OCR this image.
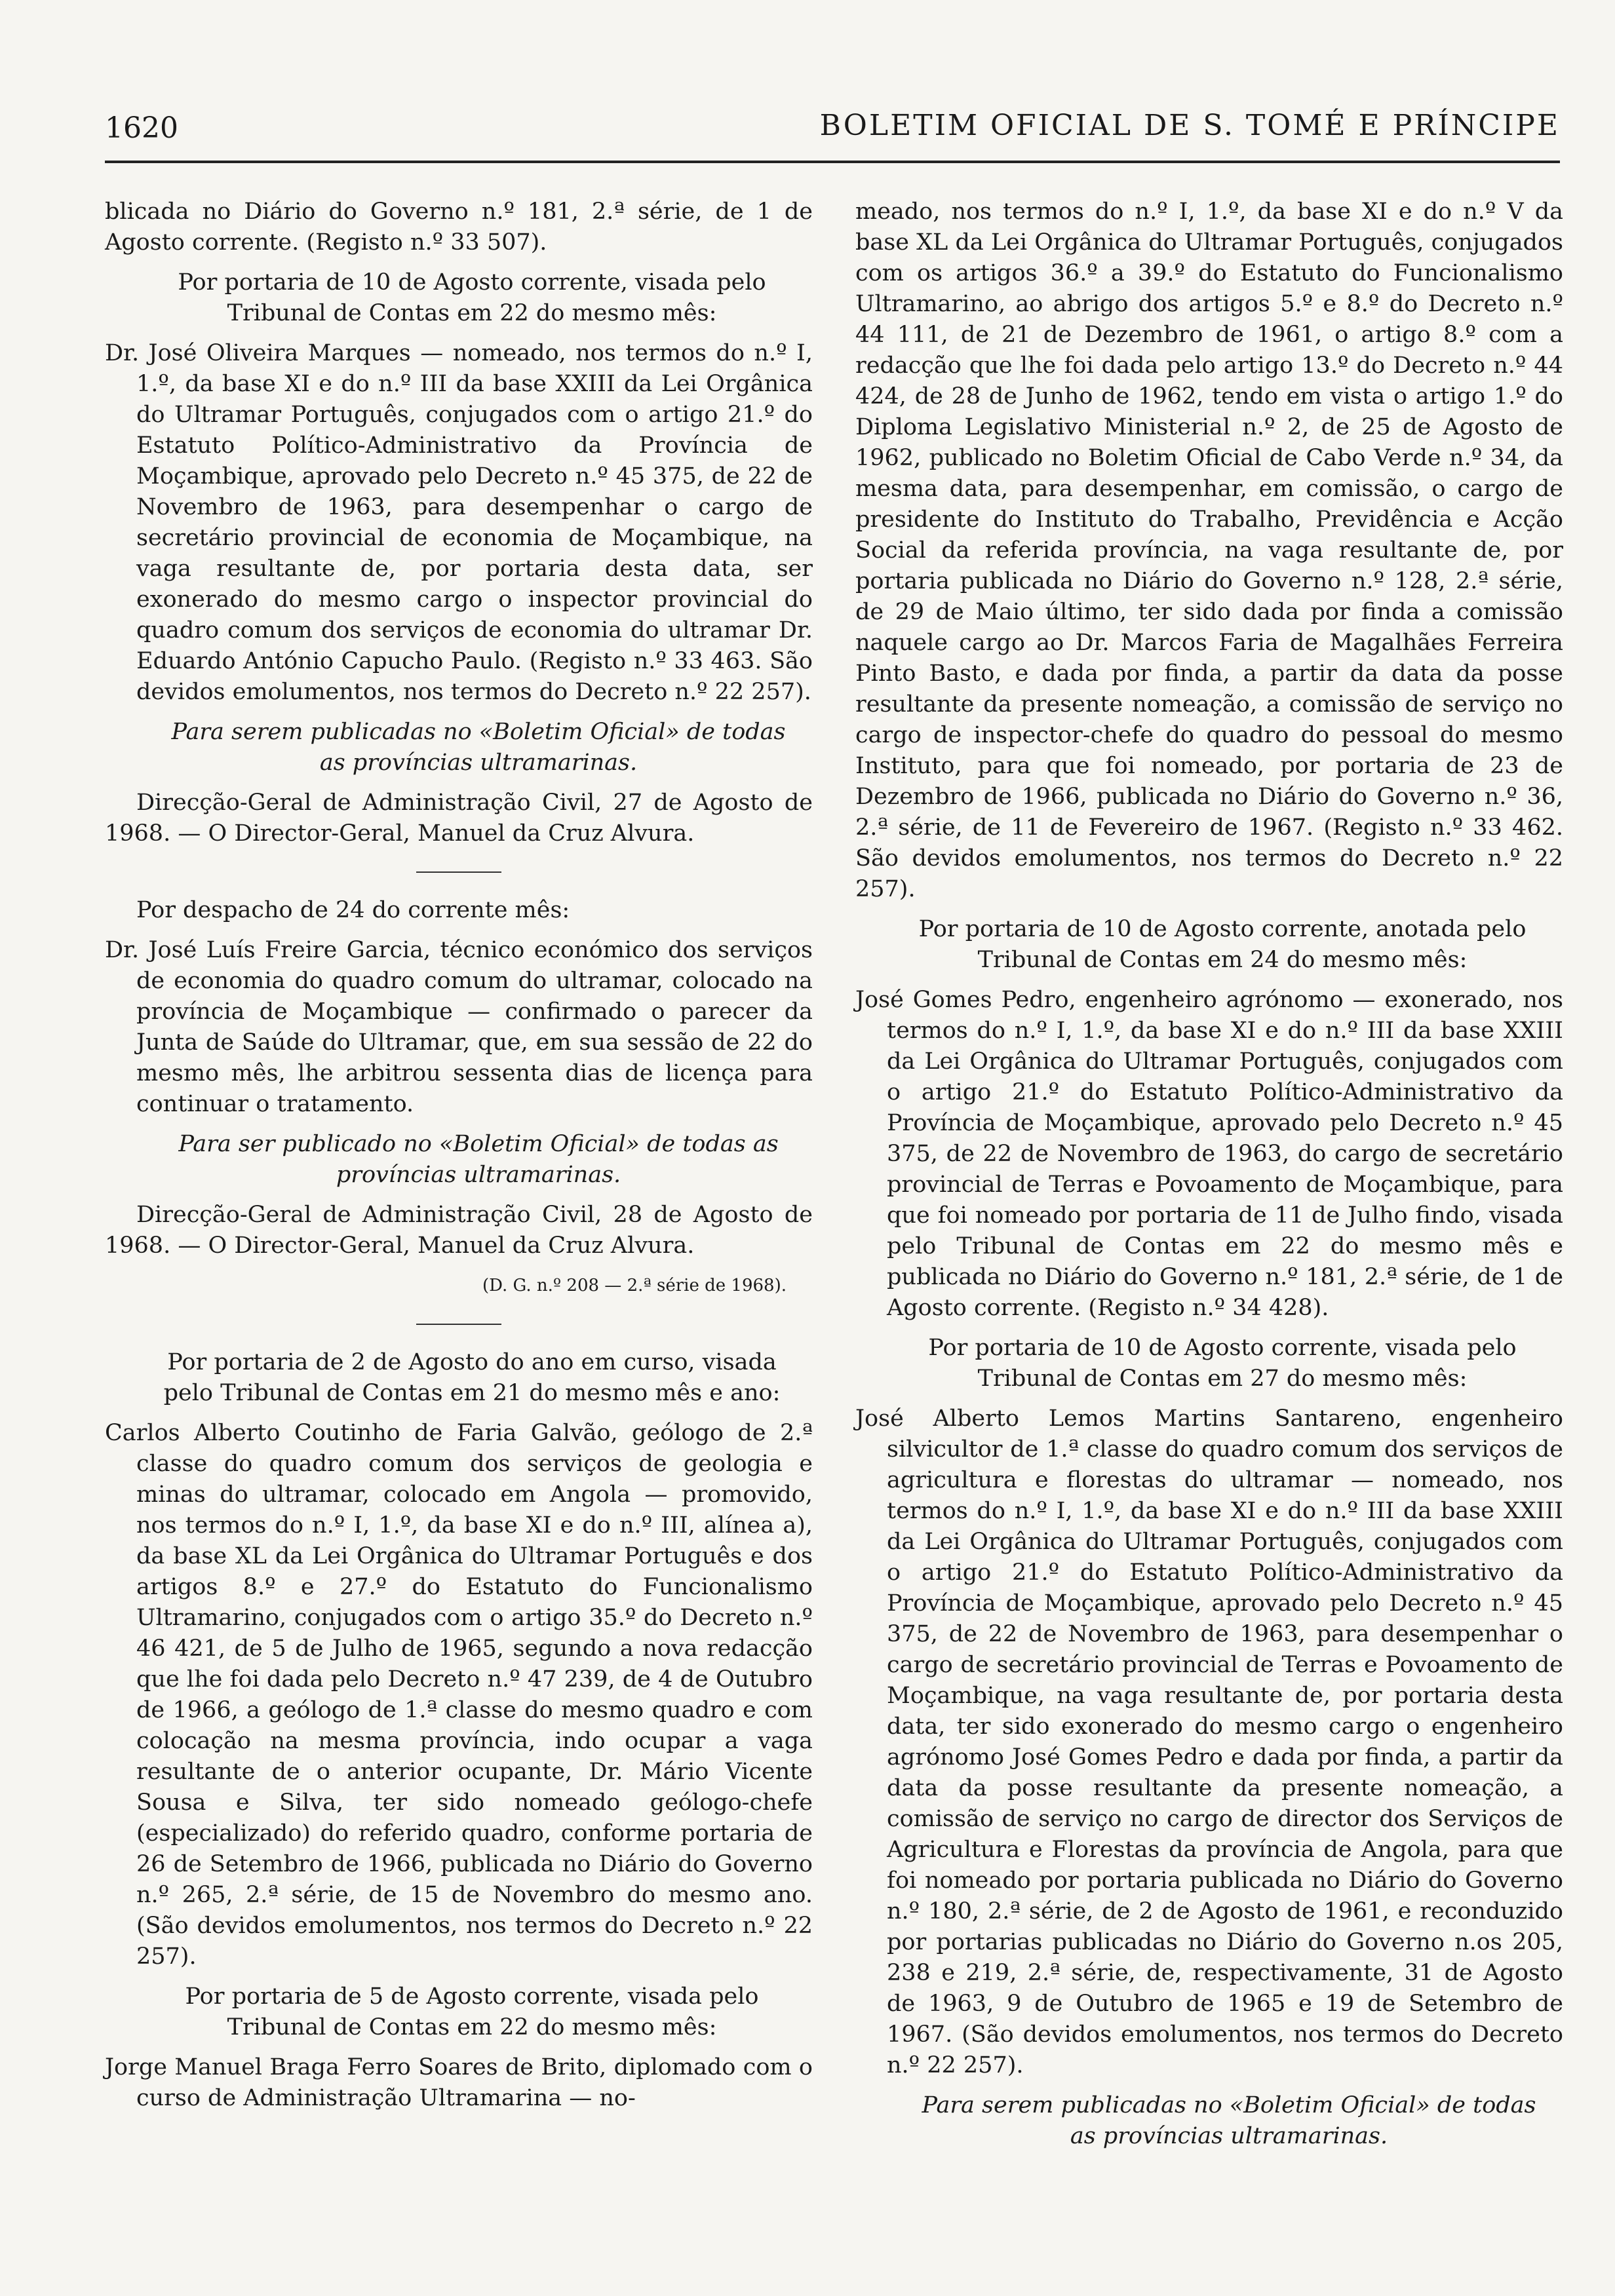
1620	BOLETIM OFICIAL DE S. TOMÉ E PRÍNCIPE

blicada no Diário do Governo n.º 181, 2.ª série, de 1 de Agosto corrente. (Registo n.º 33 507).

Por portaria de 10 de Agosto corrente, visada pelo Tribunal de Contas em 22 do mesmo mês:

Dr. José Oliveira Marques — nomeado, nos termos do n.º I, 1.º, da base XI e do n.º III da base XXIII da Lei Orgânica do Ultramar Português, conjugados com o artigo 21.º do Estatuto Político-Administrativo da Província de Moçambique, aprovado pelo Decreto n.º 45 375, de 22 de Novembro de 1963, para desempenhar o cargo de secretário provincial de economia de Moçambique, na vaga resultante de, por portaria desta data, ser exonerado do mesmo cargo o inspector provincial do quadro comum dos serviços de economia do ultramar Dr. Eduardo António Capucho Paulo. (Registo n.º 33 463. São devidos emolumentos, nos termos do Decreto n.º 22 257).

Para serem publicadas no «Boletim Oficial» de todas as províncias ultramarinas.

Direcção-Geral de Administração Civil, 27 de Agosto de 1968. — O Director-Geral, Manuel da Cruz Alvura.

Por despacho de 24 do corrente mês:

Dr. José Luís Freire Garcia, técnico económico dos serviços de economia do quadro comum do ultramar, colocado na província de Moçambique — confirmado o parecer da Junta de Saúde do Ultramar, que, em sua sessão de 22 do mesmo mês, lhe arbitrou sessenta dias de licença para continuar o tratamento.

Para ser publicado no «Boletim Oficial» de todas as províncias ultramarinas.

Direcção-Geral de Administração Civil, 28 de Agosto de 1968. — O Director-Geral, Manuel da Cruz Alvura.

(D. G. n.º 208 — 2.ª série de 1968).

Por portaria de 2 de Agosto do ano em curso, visada pelo Tribunal de Contas em 21 do mesmo mês e ano:

Carlos Alberto Coutinho de Faria Galvão, geólogo de 2.ª classe do quadro comum dos serviços de geologia e minas do ultramar, colocado em Angola — promovido, nos termos do n.º I, 1.º, da base XI e do n.º III, alínea a), da base XL da Lei Orgânica do Ultramar Português e dos artigos 8.º e 27.º do Estatuto do Funcionalismo Ultramarino, conjugados com o artigo 35.º do Decreto n.º 46 421, de 5 de Julho de 1965, segundo a nova redacção que lhe foi dada pelo Decreto n.º 47 239, de 4 de Outubro de 1966, a geólogo de 1.ª classe do mesmo quadro e com colocação na mesma província, indo ocupar a vaga resultante de o anterior ocupante, Dr. Mário Vicente Sousa e Silva, ter sido nomeado geólogo-chefe (especializado) do referido quadro, conforme portaria de 26 de Setembro de 1966, publicada no Diário do Governo n.º 265, 2.ª série, de 15 de Novembro do mesmo ano. (São devidos emolumentos, nos termos do Decreto n.º 22 257).

Por portaria de 5 de Agosto corrente, visada pelo Tribunal de Contas em 22 do mesmo mês:

Jorge Manuel Braga Ferro Soares de Brito, diplomado com o curso de Administração Ultramarina — no-

meado, nos termos do n.º I, 1.º, da base XI e do n.º V da base XL da Lei Orgânica do Ultramar Português, conjugados com os artigos 36.º a 39.º do Estatuto do Funcionalismo Ultramarino, ao abrigo dos artigos 5.º e 8.º do Decreto n.º 44 111, de 21 de Dezembro de 1961, o artigo 8.º com a redacção que lhe foi dada pelo artigo 13.º do Decreto n.º 44 424, de 28 de Junho de 1962, tendo em vista o artigo 1.º do Diploma Legislativo Ministerial n.º 2, de 25 de Agosto de 1962, publicado no Boletim Oficial de Cabo Verde n.º 34, da mesma data, para desempenhar, em comissão, o cargo de presidente do Instituto do Trabalho, Previdência e Acção Social da referida província, na vaga resultante de, por portaria publicada no Diário do Governo n.º 128, 2.ª série, de 29 de Maio último, ter sido dada por finda a comissão naquele cargo ao Dr. Marcos Faria de Magalhães Ferreira Pinto Basto, e dada por finda, a partir da data da posse resultante da presente nomeação, a comissão de serviço no cargo de inspector-chefe do quadro do pessoal do mesmo Instituto, para que foi nomeado, por portaria de 23 de Dezembro de 1966, publicada no Diário do Governo n.º 36, 2.ª série, de 11 de Fevereiro de 1967. (Registo n.º 33 462. São devidos emolumentos, nos termos do Decreto n.º 22 257).

Por portaria de 10 de Agosto corrente, anotada pelo Tribunal de Contas em 24 do mesmo mês:

José Gomes Pedro, engenheiro agrónomo — exonerado, nos termos do n.º I, 1.º, da base XI e do n.º III da base XXIII da Lei Orgânica do Ultramar Português, conjugados com o artigo 21.º do Estatuto Político-Administrativo da Província de Moçambique, aprovado pelo Decreto n.º 45 375, de 22 de Novembro de 1963, do cargo de secretário provincial de Terras e Povoamento de Moçambique, para que foi nomeado por portaria de 11 de Julho findo, visada pelo Tribunal de Contas em 22 do mesmo mês e publicada no Diário do Governo n.º 181, 2.ª série, de 1 de Agosto corrente. (Registo n.º 34 428).

Por portaria de 10 de Agosto corrente, visada pelo Tribunal de Contas em 27 do mesmo mês:

José Alberto Lemos Martins Santareno, engenheiro silvicultor de 1.ª classe do quadro comum dos serviços de agricultura e florestas do ultramar — nomeado, nos termos do n.º I, 1.º, da base XI e do n.º III da base XXIII da Lei Orgânica do Ultramar Português, conjugados com o artigo 21.º do Estatuto Político-Administrativo da Província de Moçambique, aprovado pelo Decreto n.º 45 375, de 22 de Novembro de 1963, para desempenhar o cargo de secretário provincial de Terras e Povoamento de Moçambique, na vaga resultante de, por portaria desta data, ter sido exonerado do mesmo cargo o engenheiro agrónomo José Gomes Pedro e dada por finda, a partir da data da posse resultante da presente nomeação, a comissão de serviço no cargo de director dos Serviços de Agricultura e Florestas da província de Angola, para que foi nomeado por portaria publicada no Diário do Governo n.º 180, 2.ª série, de 2 de Agosto de 1961, e reconduzido por portarias publicadas no Diário do Governo n.os 205, 238 e 219, 2.ª série, de, respectivamente, 31 de Agosto de 1963, 9 de Outubro de 1965 e 19 de Setembro de 1967. (São devidos emolumentos, nos termos do Decreto n.º 22 257).

Para serem publicadas no «Boletim Oficial» de todas as províncias ultramarinas.
